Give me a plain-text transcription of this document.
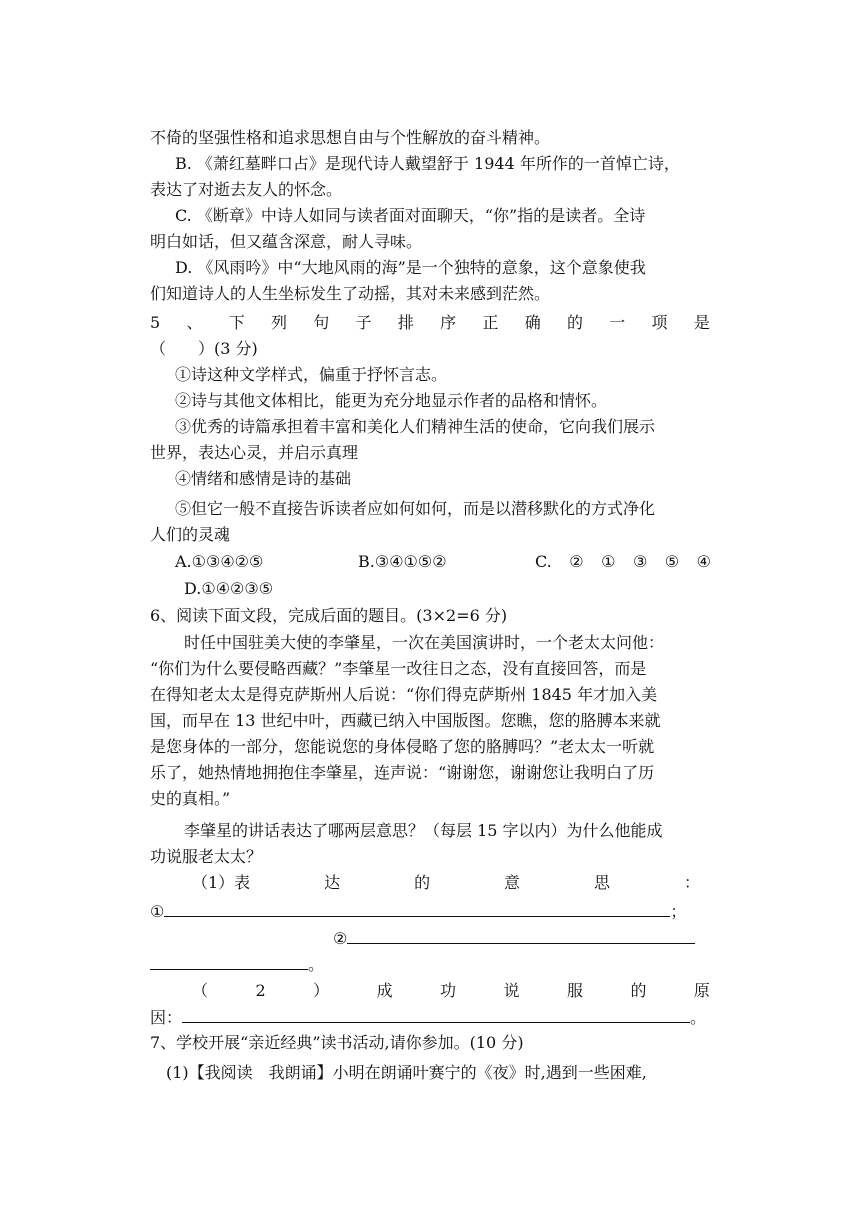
不倚的坚强性格和追求思想自由与个性解放的奋斗精神。
B. 《萧红墓畔口占》是现代诗人戴望舒于 1944 年所作的一首悼亡诗，
表达了对逝去友人的怀念。
C. 《断章》中诗人如同与读者面对面聊天，“你”指的是读者。全诗
明白如话，但又蕴含深意，耐人寻味。
D. 《风雨吟》中“大地风雨的海”是一个独特的意象，这个意象使我
们知道诗人的人生坐标发生了动摇，其对未来感到茫然。
5 、 下 列 句 子 排 序 正 确 的 一 项 是
（　　）(3 分)
①诗这种文学样式，偏重于抒怀言志。
②诗与其他文体相比，能更为充分地显示作者的品格和情怀。
③优秀的诗篇承担着丰富和美化人们精神生活的使命，它向我们展示
世界，表达心灵，并启示真理
④情绪和感情是诗的基础
⑤但它一般不直接告诉读者应如何如何，而是以潜移默化的方式净化
人们的灵魂
A.①③④②⑤	B.③④①⑤②	C. ② ① ③ ⑤ ④
D.①④②③⑤
6、阅读下面文段，完成后面的题目。(3×2=6 分)
时任中国驻美大使的李肇星，一次在美国演讲时，一个老太太问他：
“你们为什么要侵略西藏？”李肇星一改往日之态，没有直接回答，而是
在得知老太太是得克萨斯州人后说：“你们得克萨斯州 1845 年才加入美
国，而早在 13 世纪中叶，西藏已纳入中国版图。您瞧，您的胳膊本来就
是您身体的一部分，您能说您的身体侵略了您的胳膊吗？”老太太一听就
乐了，她热情地拥抱住李肇星，连声说：“谢谢您，谢谢您让我明白了历
史的真相。”
李肇星的讲话表达了哪两层意思？（每层 15 字以内）为什么他能成
功说服老太太？
（1）表	达	的	意	思	：
①	；
②
。
（	2	）	成	功	说	服	的	原
因：	。
7、学校开展“亲近经典”读书活动,请你参加。(10 分)
(1)【我阅读　我朗诵】小明在朗诵叶赛宁的《夜》时,遇到一些困难,
